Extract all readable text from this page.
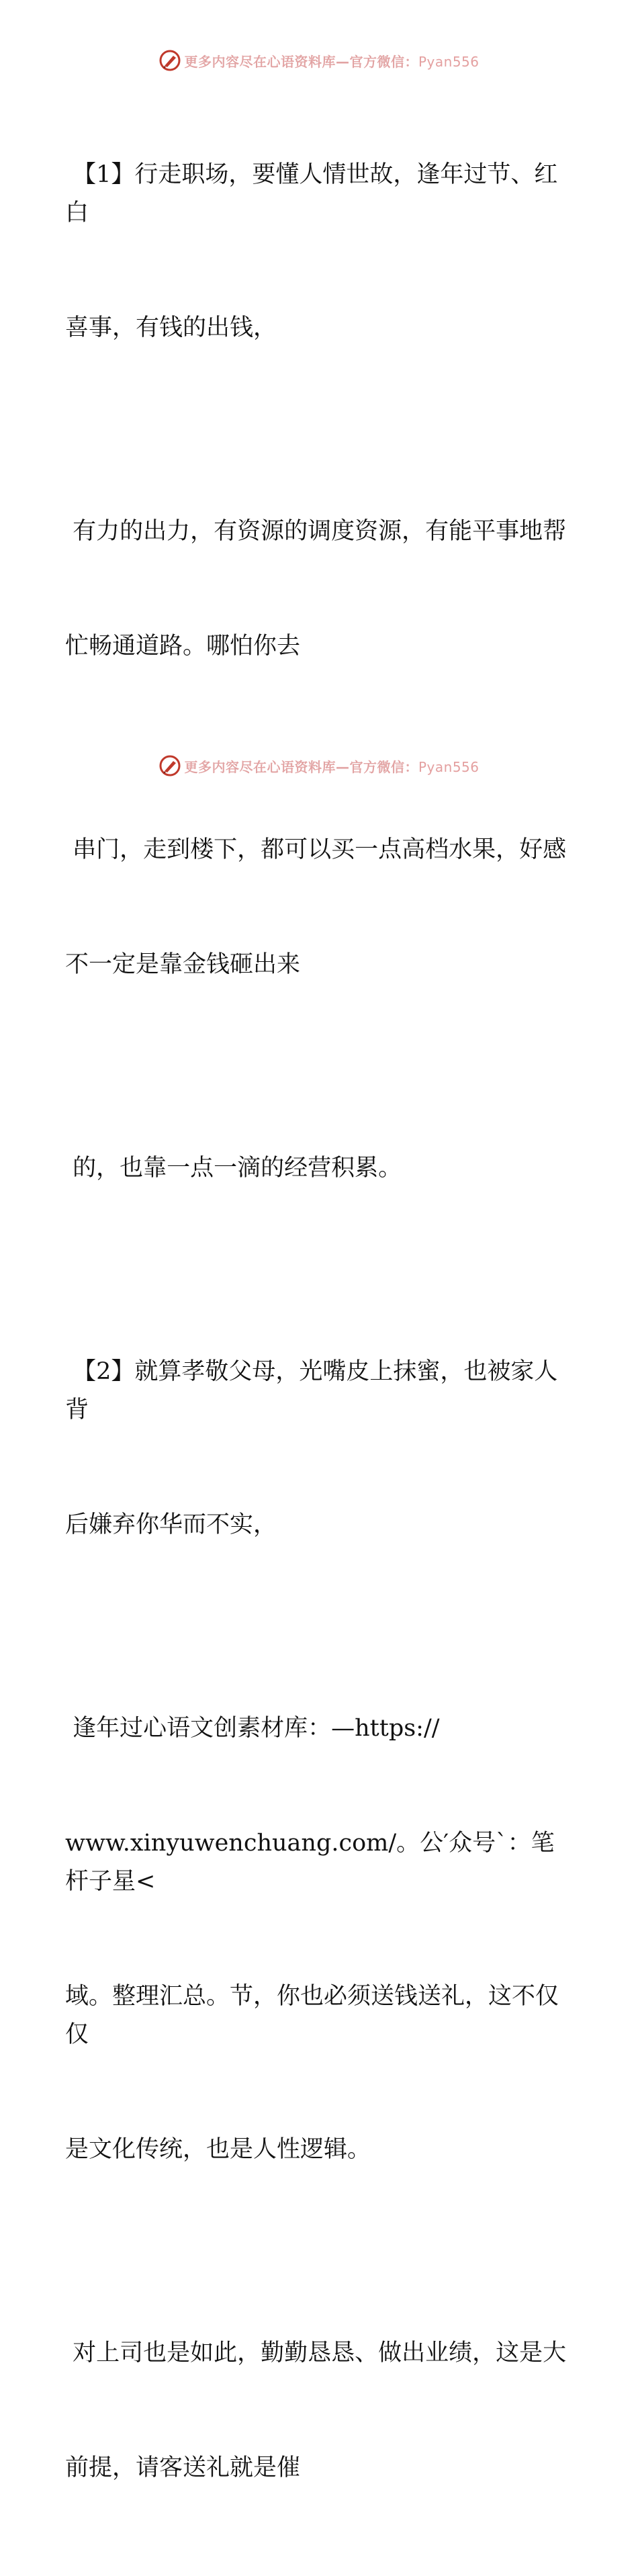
更多内容尽在心语资料库—官方微信：Pyan556

【1】行走职场，要懂人情世故，逢年过节、红白

喜事，有钱的出钱，

有力的出力，有资源的调度资源，有能平事地帮

忙畅通道路。哪怕你去

串门，走到楼下，都可以买一点高档水果，好感

不一定是靠金钱砸出来

的，也靠一点一滴的经营积累。

【2】就算孝敬父母，光嘴皮上抹蜜，也被家人背

后嫌弃你华而不实，

逢年过心语文创素材库：—https://

www.xinyuwenchuang.com/。公′众号`：笔杆子星<

域。整理汇总。节，你也必须送钱送礼，这不仅仅

是文化传统，也是人性逻辑。

对上司也是如此，勤勤恳恳、做出业绩，这是大

前提，请客送礼就是催

更多内容尽在心语资料库—官方微信：Pyan556
